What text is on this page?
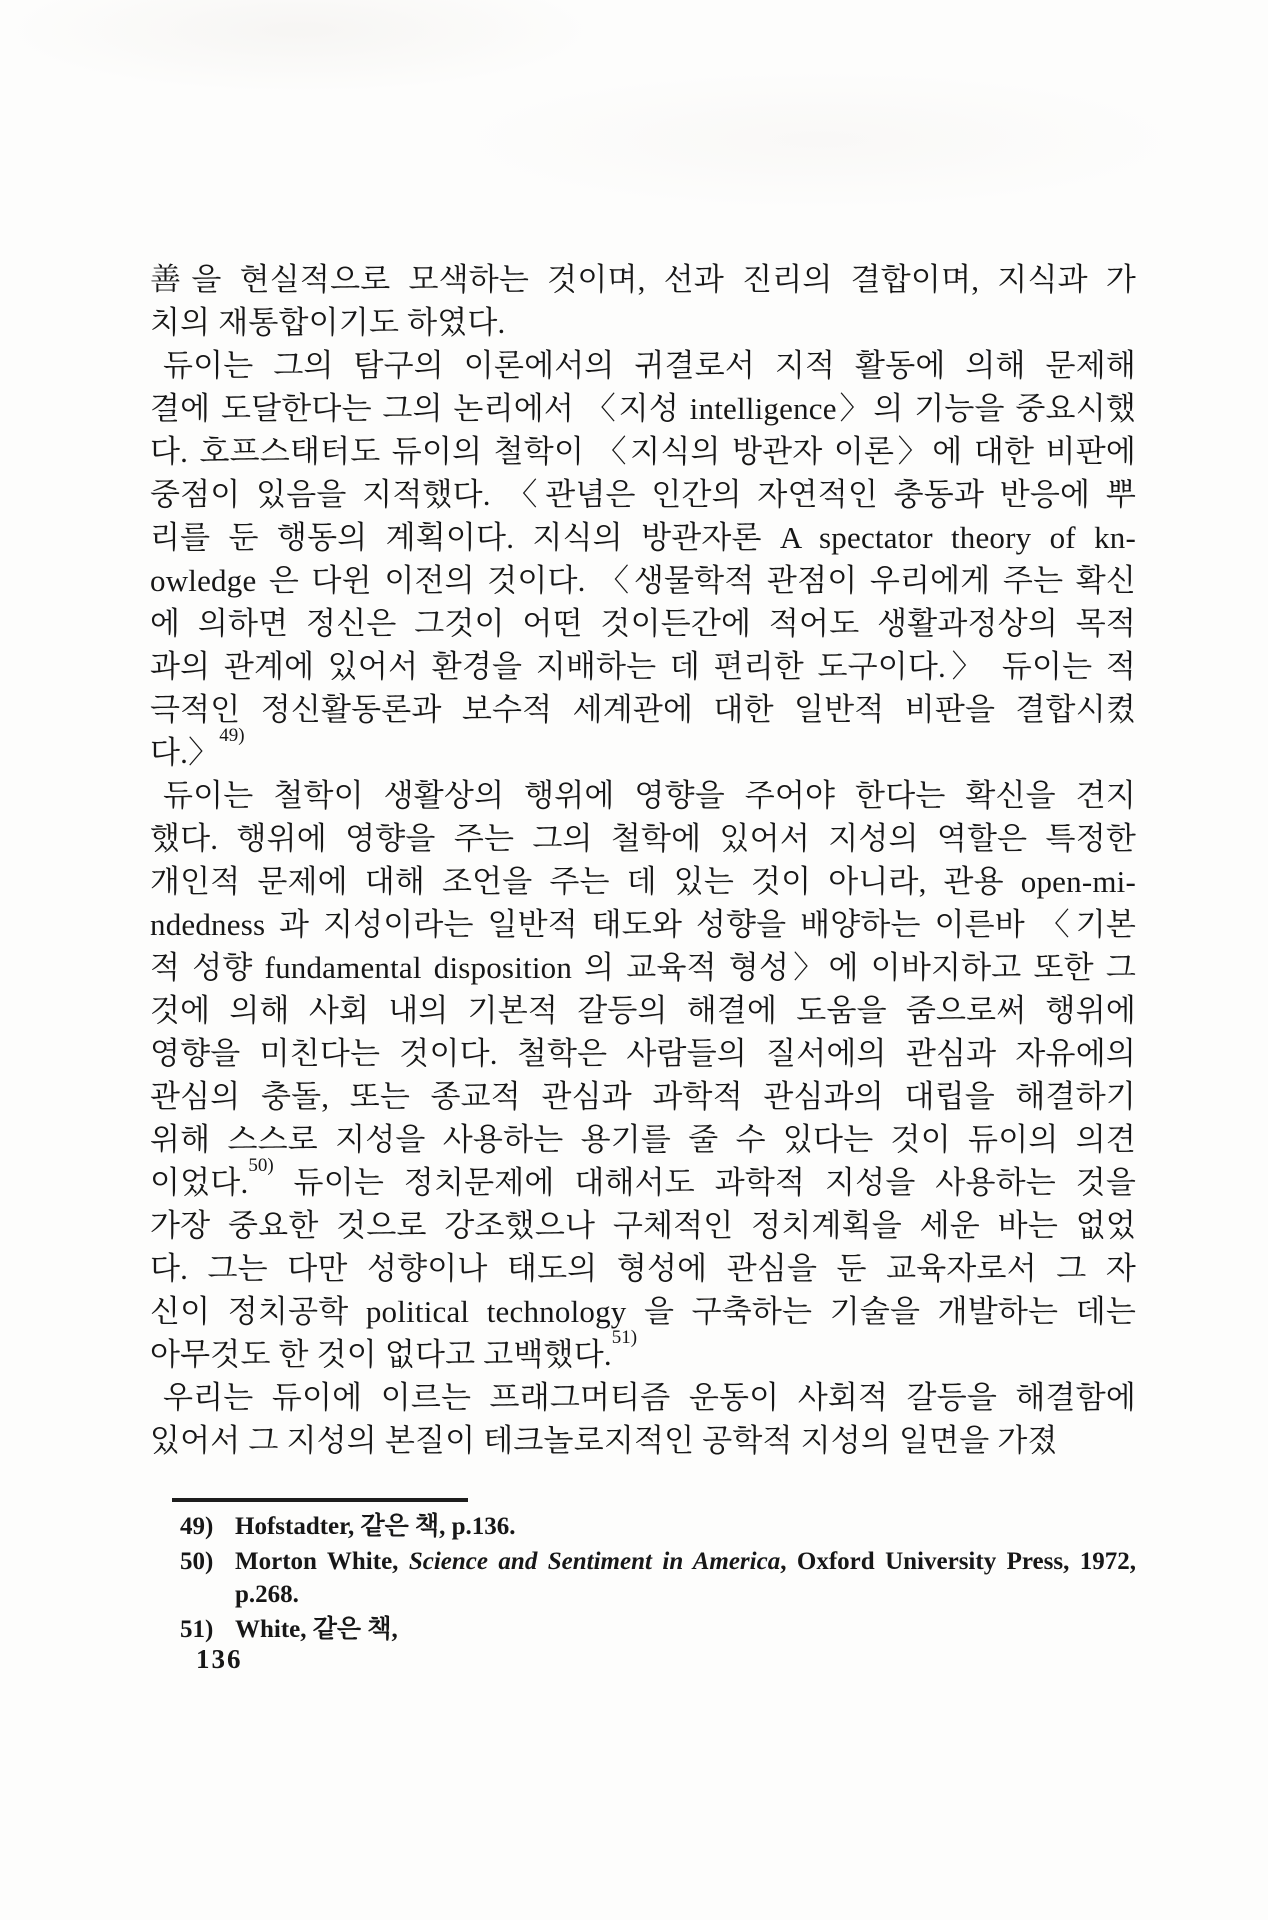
善을 현실적으로 모색하는 것이며, 선과 진리의 결합이며, 지식과 가
치의 재통합이기도 하였다.
듀이는 그의 탐구의 이론에서의 귀결로서 지적 활동에 의해 문제해
결에 도달한다는 그의 논리에서 〈지성 intelligence〉의 기능을 중요시했
다. 호프스태터도 듀이의 철학이 〈지식의 방관자 이론〉에 대한 비판에
중점이 있음을 지적했다. 〈관념은 인간의 자연적인 충동과 반응에 뿌
리를 둔 행동의 계획이다. 지식의 방관자론 A spectator theory of kn-
owledge 은 다윈 이전의 것이다. 〈생물학적 관점이 우리에게 주는 확신
에 의하면 정신은 그것이 어떤 것이든간에 적어도 생활과정상의 목적
과의 관계에 있어서 환경을 지배하는 데 편리한 도구이다.〉 듀이는 적
극적인 정신활동론과 보수적 세계관에 대한 일반적 비판을 결합시켰
다.〉$^{49)}$
듀이는 철학이 생활상의 행위에 영향을 주어야 한다는 확신을 견지
했다. 행위에 영향을 주는 그의 철학에 있어서 지성의 역할은 특정한
개인적 문제에 대해 조언을 주는 데 있는 것이 아니라, 관용 open-mi-
ndedness 과 지성이라는 일반적 태도와 성향을 배양하는 이른바 〈기본
적 성향 fundamental disposition 의 교육적 형성〉에 이바지하고 또한 그
것에 의해 사회 내의 기본적 갈등의 해결에 도움을 줌으로써 행위에
영향을 미친다는 것이다. 철학은 사람들의 질서에의 관심과 자유에의
관심의 충돌, 또는 종교적 관심과 과학적 관심과의 대립을 해결하기
위해 스스로 지성을 사용하는 용기를 줄 수 있다는 것이 듀이의 의견
이었다.$^{50)}$ 듀이는 정치문제에 대해서도 과학적 지성을 사용하는 것을
가장 중요한 것으로 강조했으나 구체적인 정치계획을 세운 바는 없었
다. 그는 다만 성향이나 태도의 형성에 관심을 둔 교육자로서 그 자
신이 정치공학 political technology 을 구축하는 기술을 개발하는 데는
아무것도 한 것이 없다고 고백했다.$^{51)}$
우리는 듀이에 이르는 프래그머티즘 운동이 사회적 갈등을 해결함에
있어서 그 지성의 본질이 테크놀로지적인 공학적 지성의 일면을 가졌
49) Hofstadter, 같은 책, p.136.
50) Morton White, Science and Sentiment in America, Oxford University Press, 1972, p.268.
51) White, 같은 책,
136
